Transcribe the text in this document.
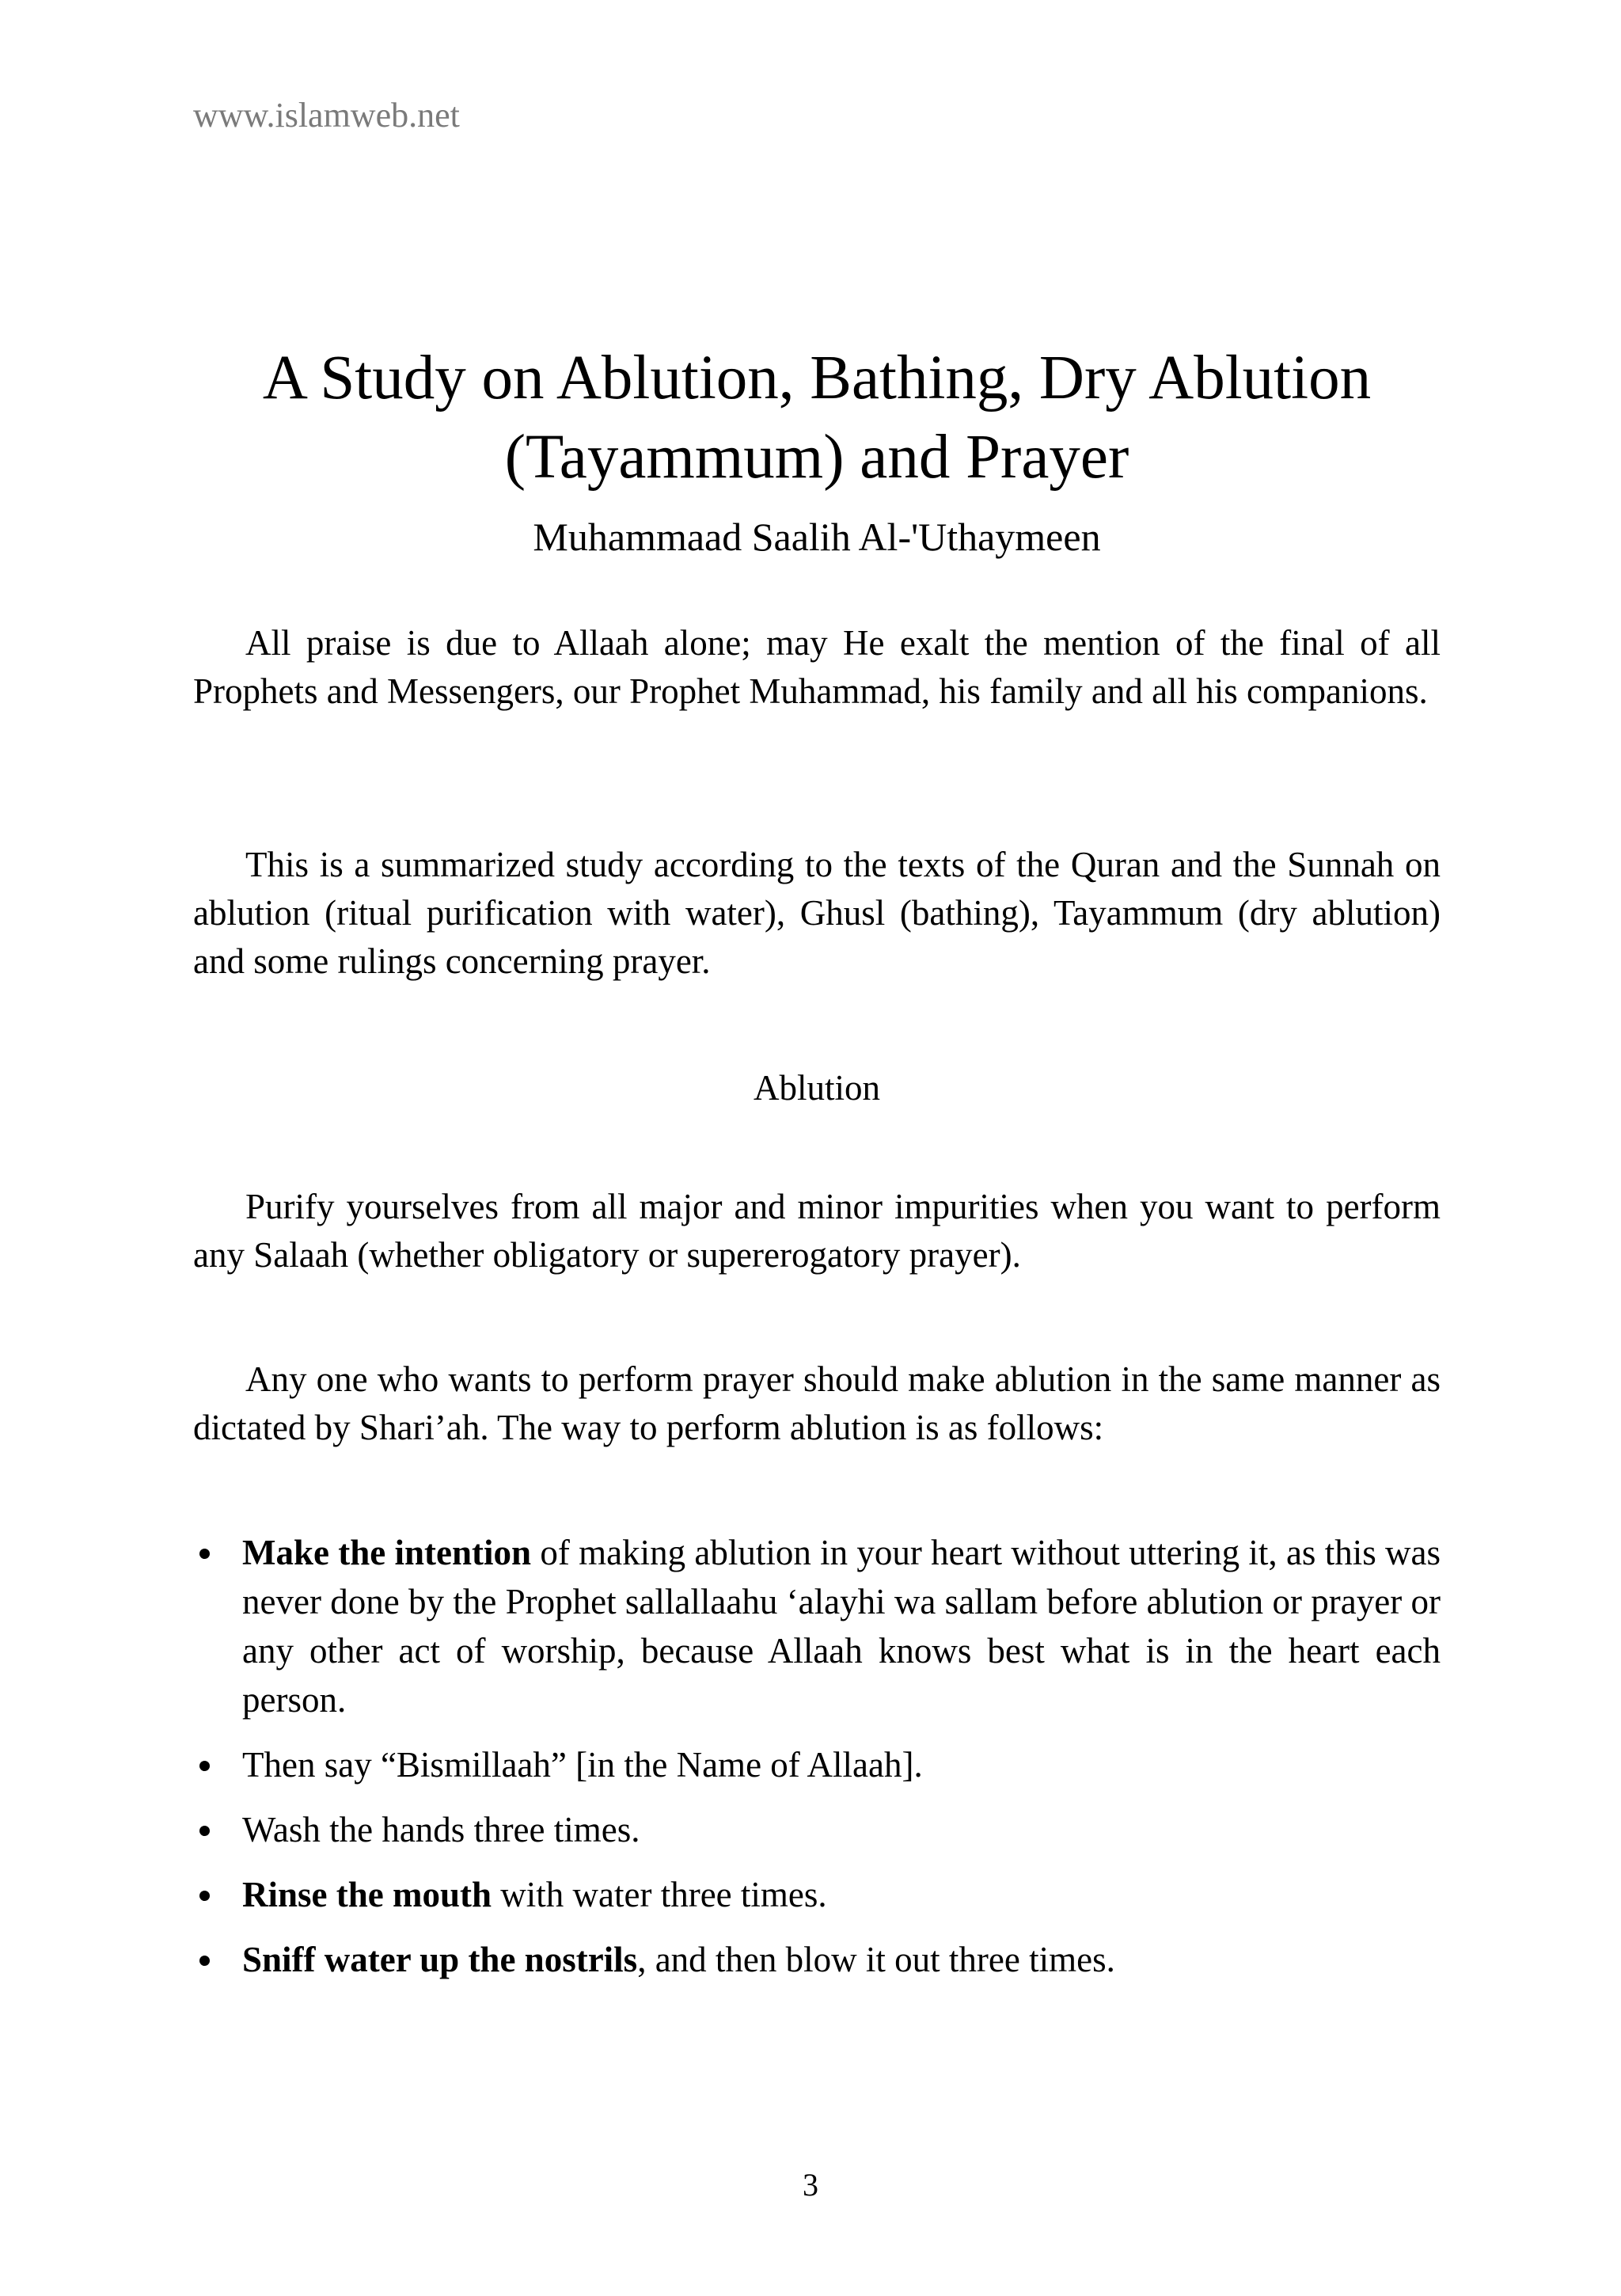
www.islamweb.net
A Study on Ablution, Bathing, Dry Ablution
(Tayammum) and Prayer
Muhammaad Saalih Al-'Uthaymeen

All praise is due to Allaah alone; may He exalt the mention of the final of all Prophets and Messengers, our Prophet Muhammad, his family and all his companions.

This is a summarized study according to the texts of the Quran and the Sunnah on ablution (ritual purification with water), Ghusl (bathing), Tayammum (dry ablution) and some rulings concerning prayer.

Ablution

Purify yourselves from all major and minor impurities when you want to perform any Salaah (whether obligatory or supererogatory prayer).

Any one who wants to perform prayer should make ablution in the same manner as dictated by Shari’ah. The way to perform ablution is as follows:

Make the intention of making ablution in your heart without uttering it, as this was never done by the Prophet sallallaahu ‘alayhi wa sallam before ablution or prayer or any other act of worship, because Allaah knows best what is in the heart each person.
Then say “Bismillaah” [in the Name of Allaah].
Wash the hands three times.
Rinse the mouth with water three times.
Sniff water up the nostrils, and then blow it out three times.
3
